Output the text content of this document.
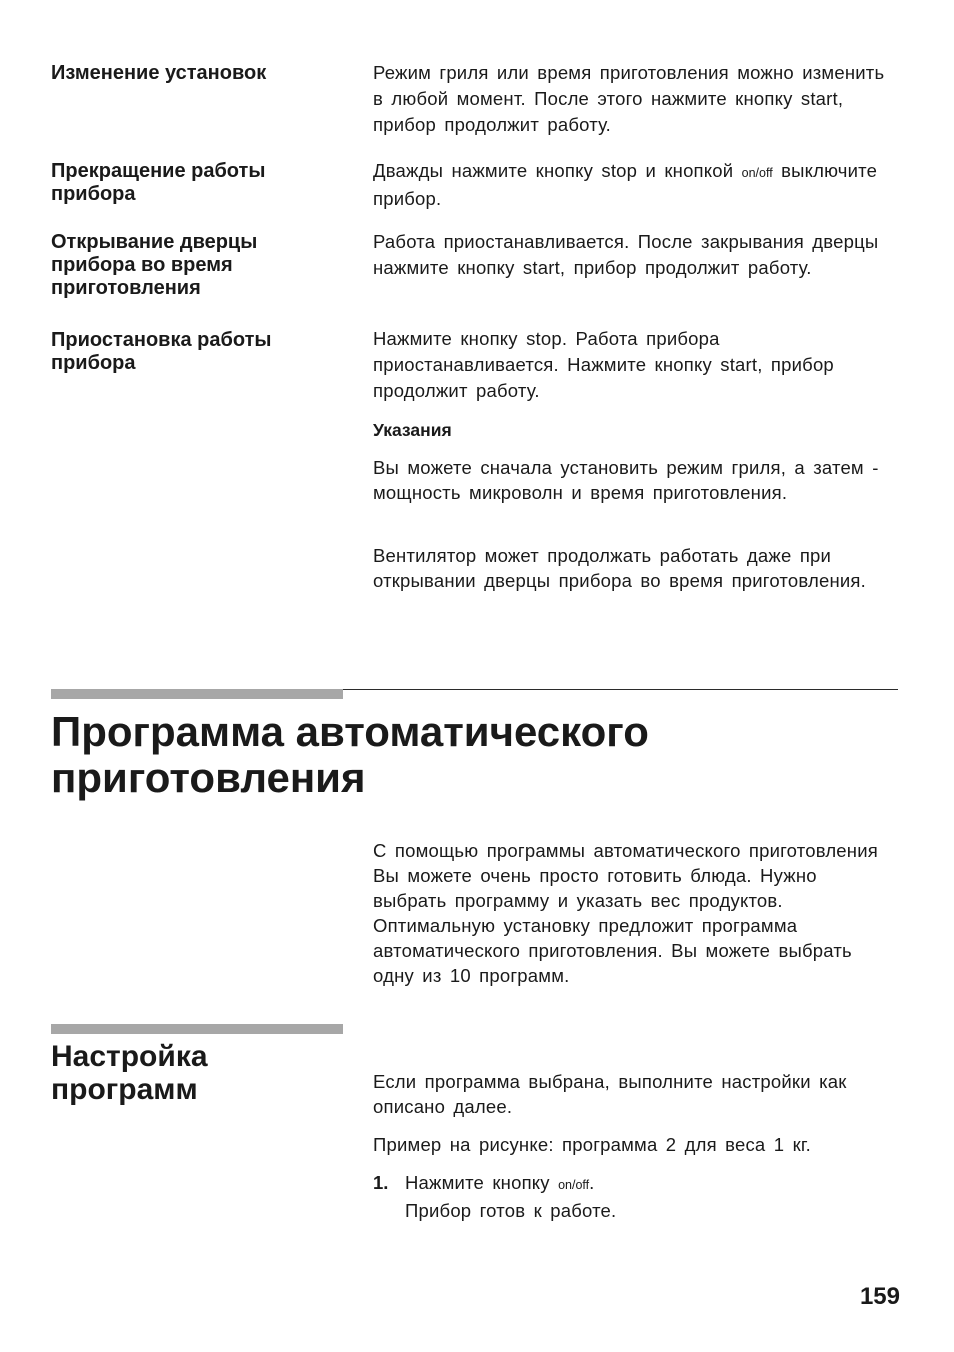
Изменение установок	Режим гриля или время приготовления можно изменить в любой момент. После этого нажмите кнопку start, прибор продолжит работу.
Прекращение работы
прибора
Дважды нажмите кнопку stop и кнопкой on/off выключите прибор.
Открывание дверцы
прибора во время
приготовления
Работа приостанавливается. После закрывания дверцы нажмите кнопку start, прибор продолжит работу.
Приостановка работы
прибора
Нажмите кнопку stop. Работа прибора приостанавливается. Нажмите кнопку start, прибор продолжит работу.
Указания
Вы можете сначала установить режим гриля, а затем - мощность микроволн и время приготовления.
Вентилятор может продолжать работать даже при открывании дверцы прибора во время приготовления.
Программа автоматического
приготовления
С помощью программы автоматического приготовления Вы можете очень просто готовить блюда. Нужно выбрать программу и указать вес продуктов. Оптимальную установку предложит программа автоматического приготовления. Вы можете выбрать одну из 10 программ.
Настройка
программ	Если программа выбрана, выполните настройки как описано далее.
Пример на рисунке: программа 2 для веса 1 кг.
1. Нажмите кнопку on/off.
Прибор готов к работе.
159
